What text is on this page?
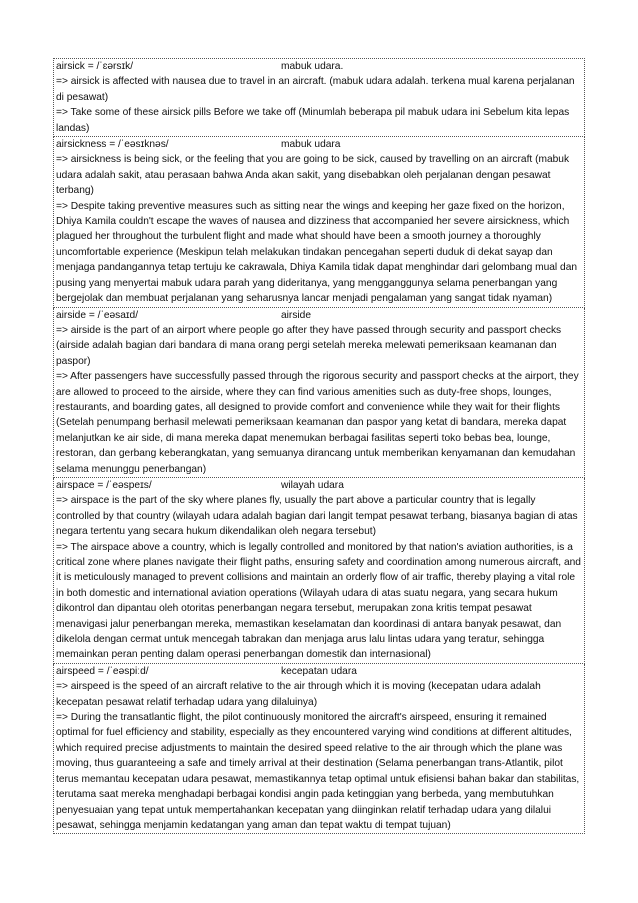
airsick = /ˈɛərsɪk/	mabuk udara.
=> airsick is affected with nausea due to travel in an aircraft. (mabuk udara adalah. terkena mual karena perjalanan di pesawat)
=> Take some of these airsick pills Before we take off (Minumlah beberapa pil mabuk udara ini Sebelum kita lepas landas)
airsickness = /ˈeəsɪknəs/	mabuk udara
=> airsickness is being sick, or the feeling that you are going to be sick, caused by travelling on an aircraft (mabuk udara adalah sakit, atau perasaan bahwa Anda akan sakit, yang disebabkan oleh perjalanan dengan pesawat terbang)
=> Despite taking preventive measures such as sitting near the wings and keeping her gaze fixed on the horizon, Dhiya Kamila couldn't escape the waves of nausea and dizziness that accompanied her severe airsickness, which plagued her throughout the turbulent flight and made what should have been a smooth journey a thoroughly uncomfortable experience (Meskipun telah melakukan tindakan pencegahan seperti duduk di dekat sayap dan menjaga pandangannya tetap tertuju ke cakrawala, Dhiya Kamila tidak dapat menghindar dari gelombang mual dan pusing yang menyertai mabuk udara parah yang dideritanya, yang mengganggunya selama penerbangan yang bergejolak dan membuat perjalanan yang seharusnya lancar menjadi pengalaman yang sangat tidak nyaman)
airside = /ˈeəsaɪd/	airside
=> airside is the part of an airport where people go after they have passed through security and passport checks (airside adalah bagian dari bandara di mana orang pergi setelah mereka melewati pemeriksaan keamanan dan paspor)
=> After passengers have successfully passed through the rigorous security and passport checks at the airport, they are allowed to proceed to the airside, where they can find various amenities such as duty-free shops, lounges, restaurants, and boarding gates, all designed to provide comfort and convenience while they wait for their flights (Setelah penumpang berhasil melewati pemeriksaan keamanan dan paspor yang ketat di bandara, mereka dapat melanjutkan ke air side, di mana mereka dapat menemukan berbagai fasilitas seperti toko bebas bea, lounge, restoran, dan gerbang keberangkatan, yang semuanya dirancang untuk memberikan kenyamanan dan kemudahan selama menunggu penerbangan)
airspace = /ˈeəspeɪs/	wilayah udara
=> airspace is the part of the sky where planes fly, usually the part above a particular country that is legally controlled by that country (wilayah udara adalah bagian dari langit tempat pesawat terbang, biasanya bagian di atas negara tertentu yang secara hukum dikendalikan oleh negara tersebut)
=> The airspace above a country, which is legally controlled and monitored by that nation's aviation authorities, is a critical zone where planes navigate their flight paths, ensuring safety and coordination among numerous aircraft, and it is meticulously managed to prevent collisions and maintain an orderly flow of air traffic, thereby playing a vital role in both domestic and international aviation operations (Wilayah udara di atas suatu negara, yang secara hukum dikontrol dan dipantau oleh otoritas penerbangan negara tersebut, merupakan zona kritis tempat pesawat menavigasi jalur penerbangan mereka, memastikan keselamatan dan koordinasi di antara banyak pesawat, dan dikelola dengan cermat untuk mencegah tabrakan dan menjaga arus lalu lintas udara yang teratur, sehingga memainkan peran penting dalam operasi penerbangan domestik dan internasional)
airspeed = /ˈeəspiːd/	kecepatan udara
=> airspeed is the speed of an aircraft relative to the air through which it is moving (kecepatan udara adalah kecepatan pesawat relatif terhadap udara yang dilaluinya)
=> During the transatlantic flight, the pilot continuously monitored the aircraft's airspeed, ensuring it remained optimal for fuel efficiency and stability, especially as they encountered varying wind conditions at different altitudes, which required precise adjustments to maintain the desired speed relative to the air through which the plane was moving, thus guaranteeing a safe and timely arrival at their destination (Selama penerbangan trans-Atlantik, pilot terus memantau kecepatan udara pesawat, memastikannya tetap optimal untuk efisiensi bahan bakar dan stabilitas, terutama saat mereka menghadapi berbagai kondisi angin pada ketinggian yang berbeda, yang membutuhkan penyesuaian yang tepat untuk mempertahankan kecepatan yang diinginkan relatif terhadap udara yang dilalui pesawat, sehingga menjamin kedatangan yang aman dan tepat waktu di tempat tujuan)
